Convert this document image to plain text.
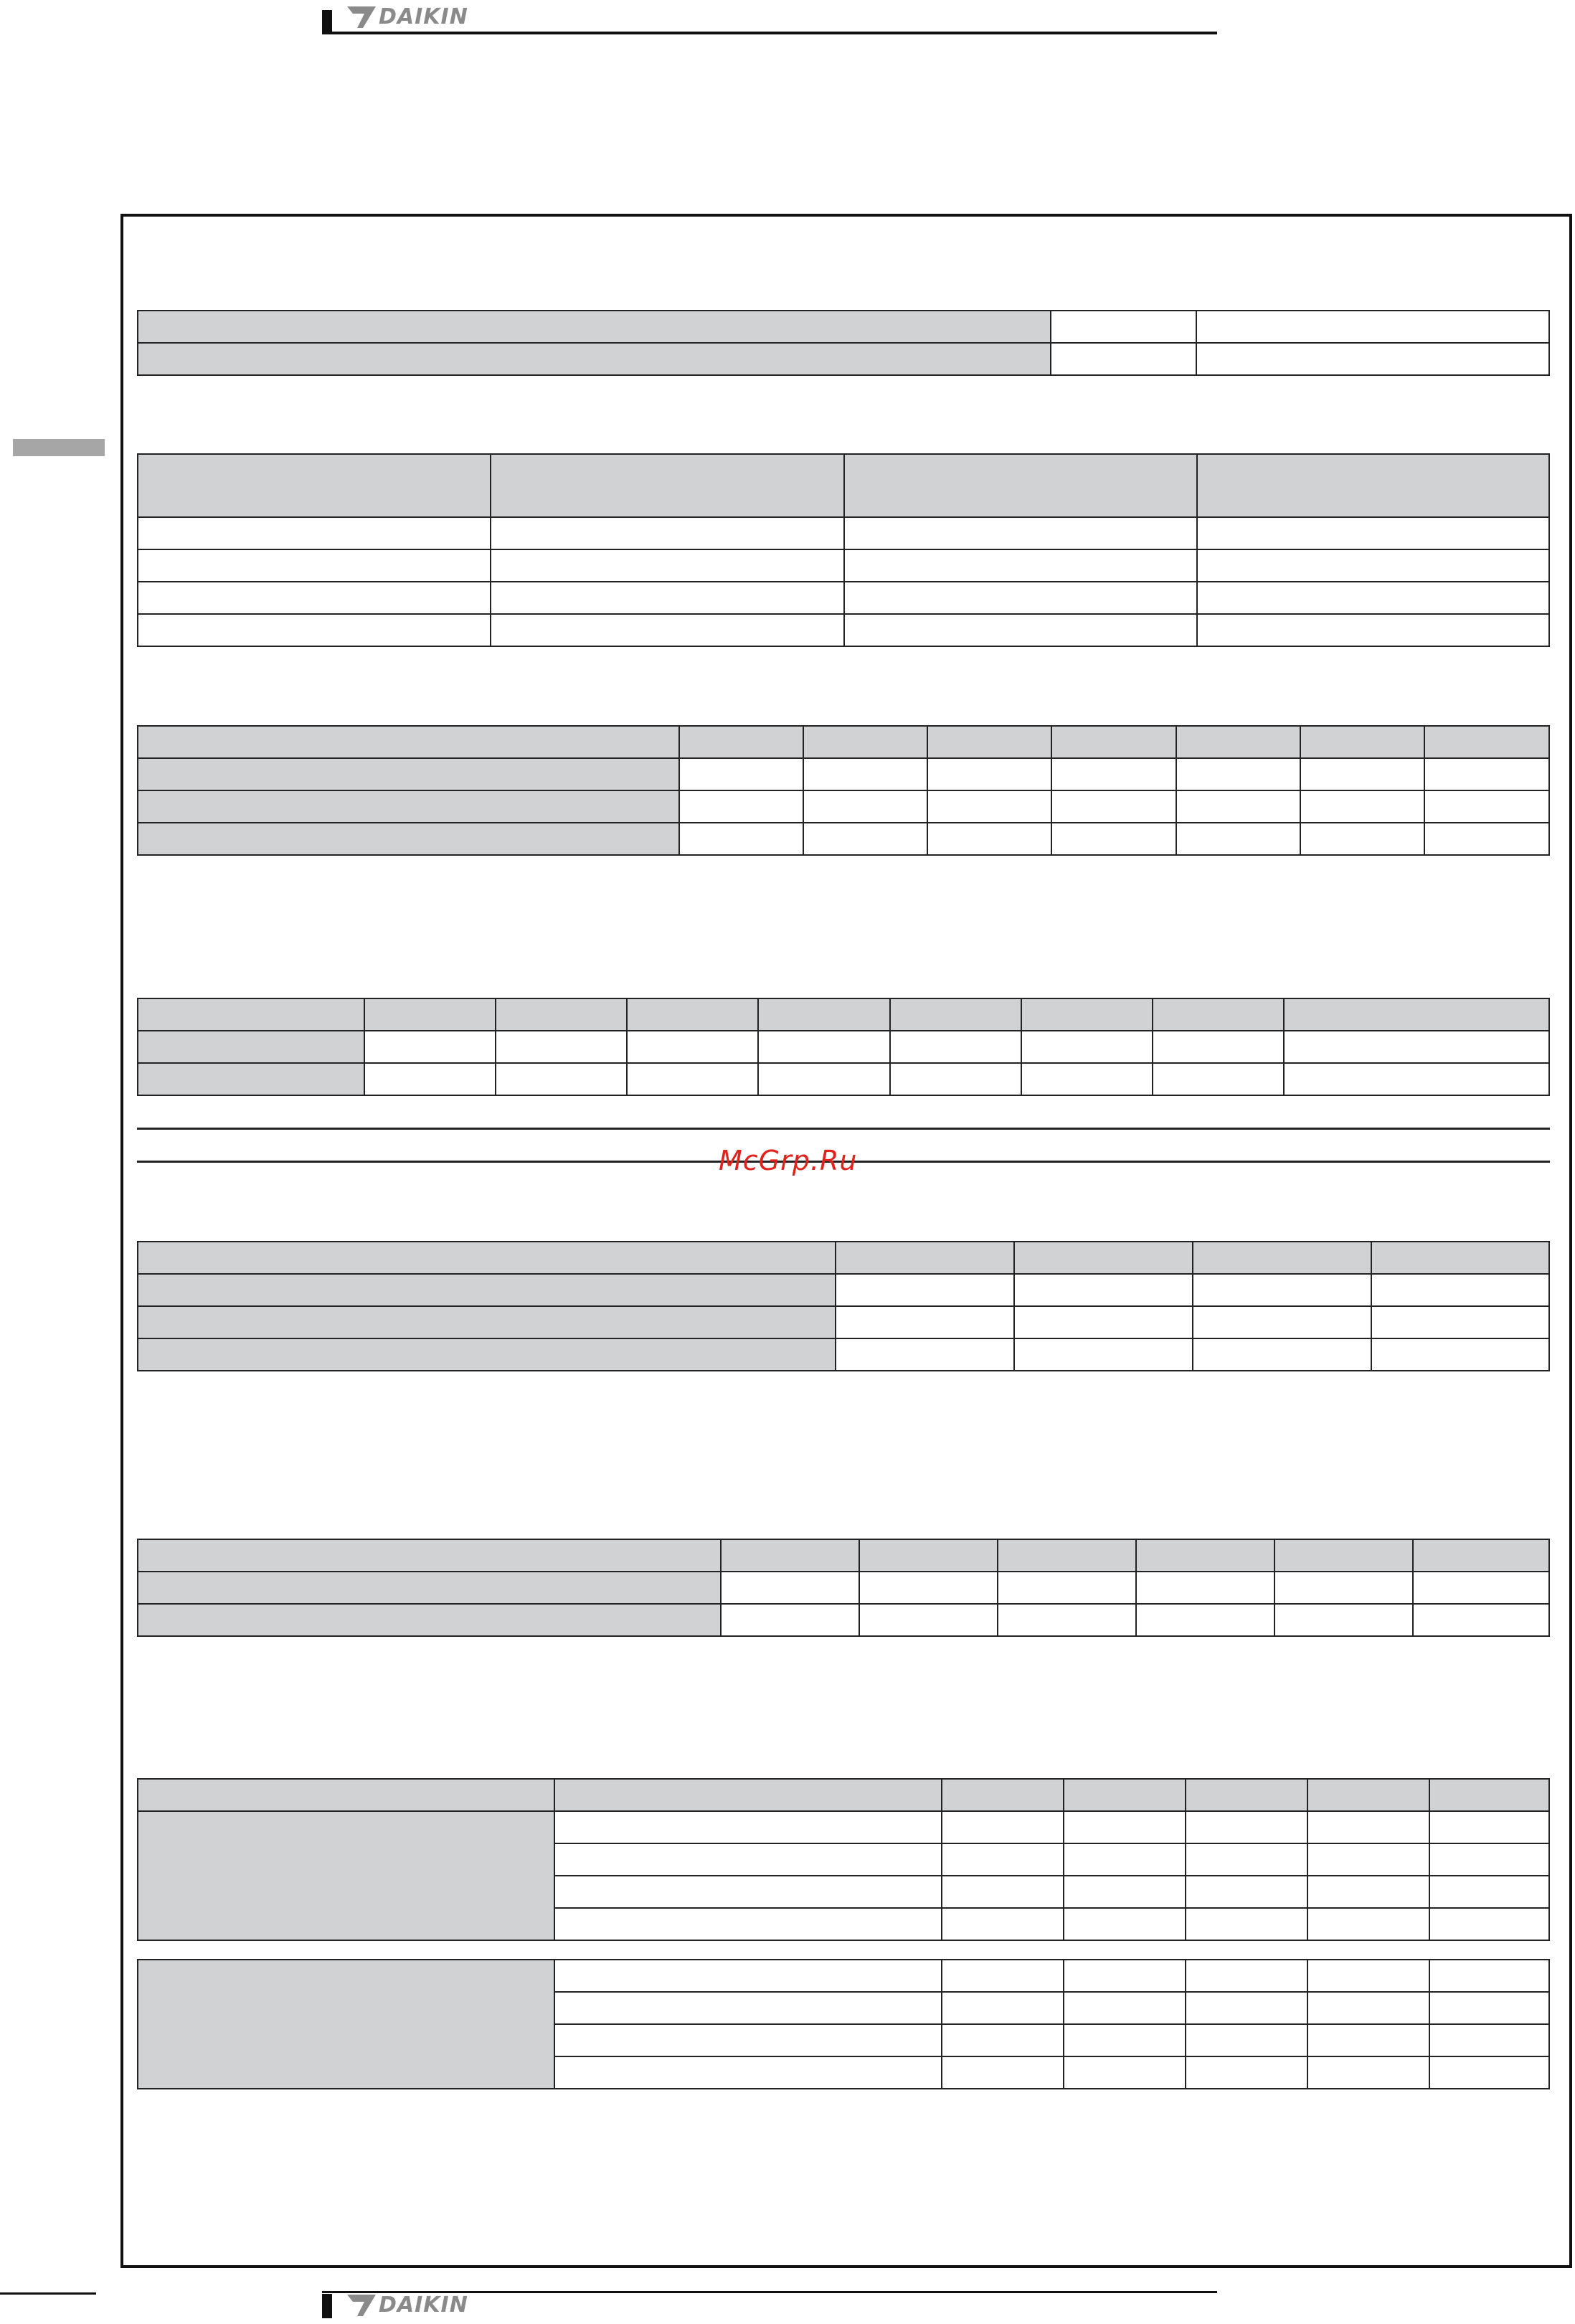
DAIKIN

McGrp.Ru

DAIKIN
